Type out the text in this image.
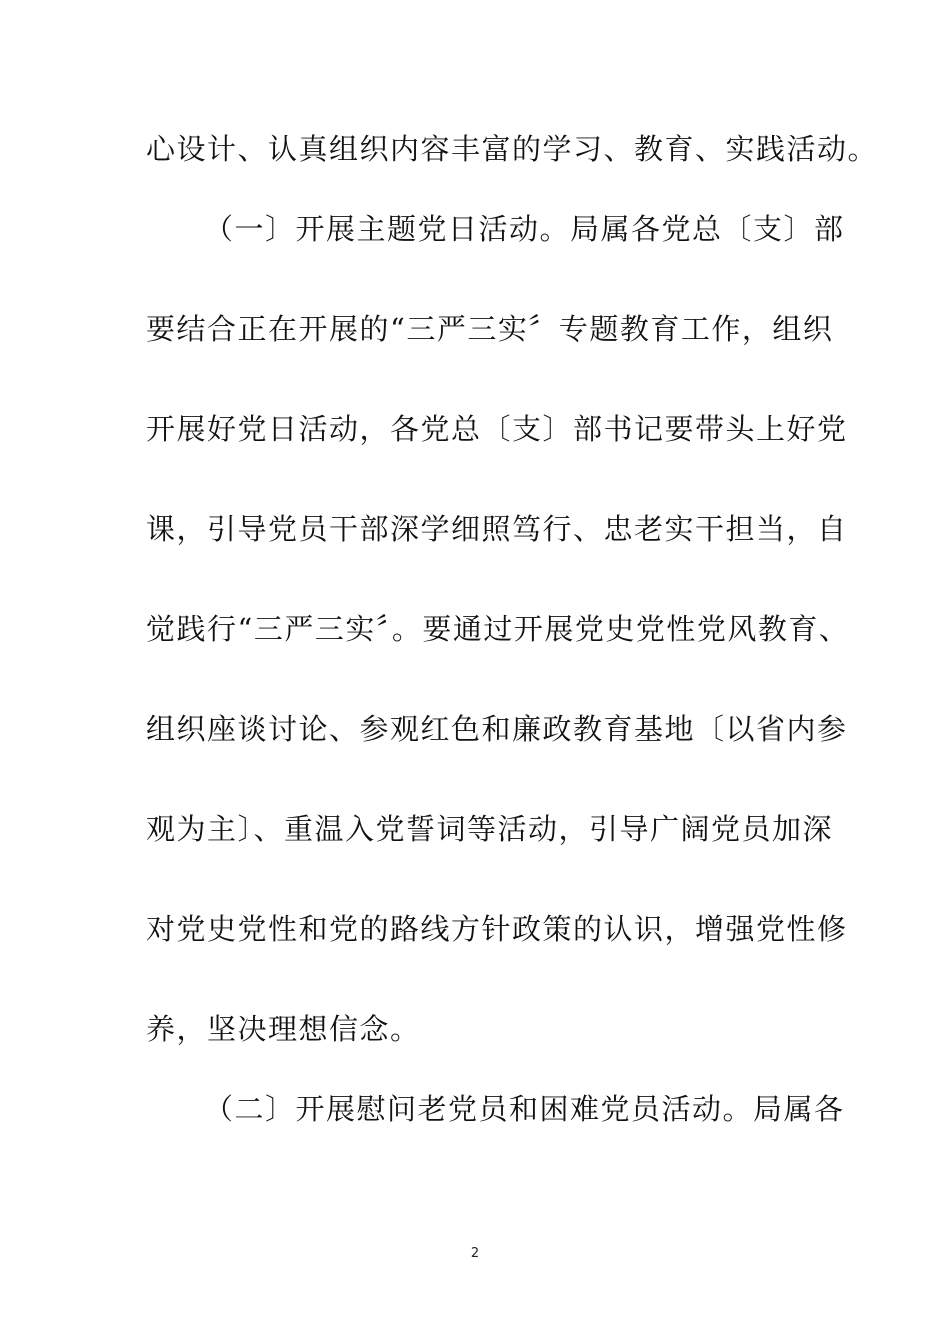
心设计、认真组织内容丰富的学习、教育、实践活动。
（一〕开展主题党日活动。局属各党总〔支〕部
要结合正在开展的“三严三实〞专题教育工作，组织
开展好党日活动，各党总〔支〕部书记要带头上好党
课，引导党员干部深学细照笃行、忠老实干担当，自
觉践行“三严三实〞。要通过开展党史党性党风教育、
组织座谈讨论、参观红色和廉政教育基地〔以省内参
观为主〕、重温入党誓词等活动，引导广阔党员加深
对党史党性和党的路线方针政策的认识，增强党性修
养，坚决理想信念。
（二〕开展慰问老党员和困难党员活动。局属各
2
